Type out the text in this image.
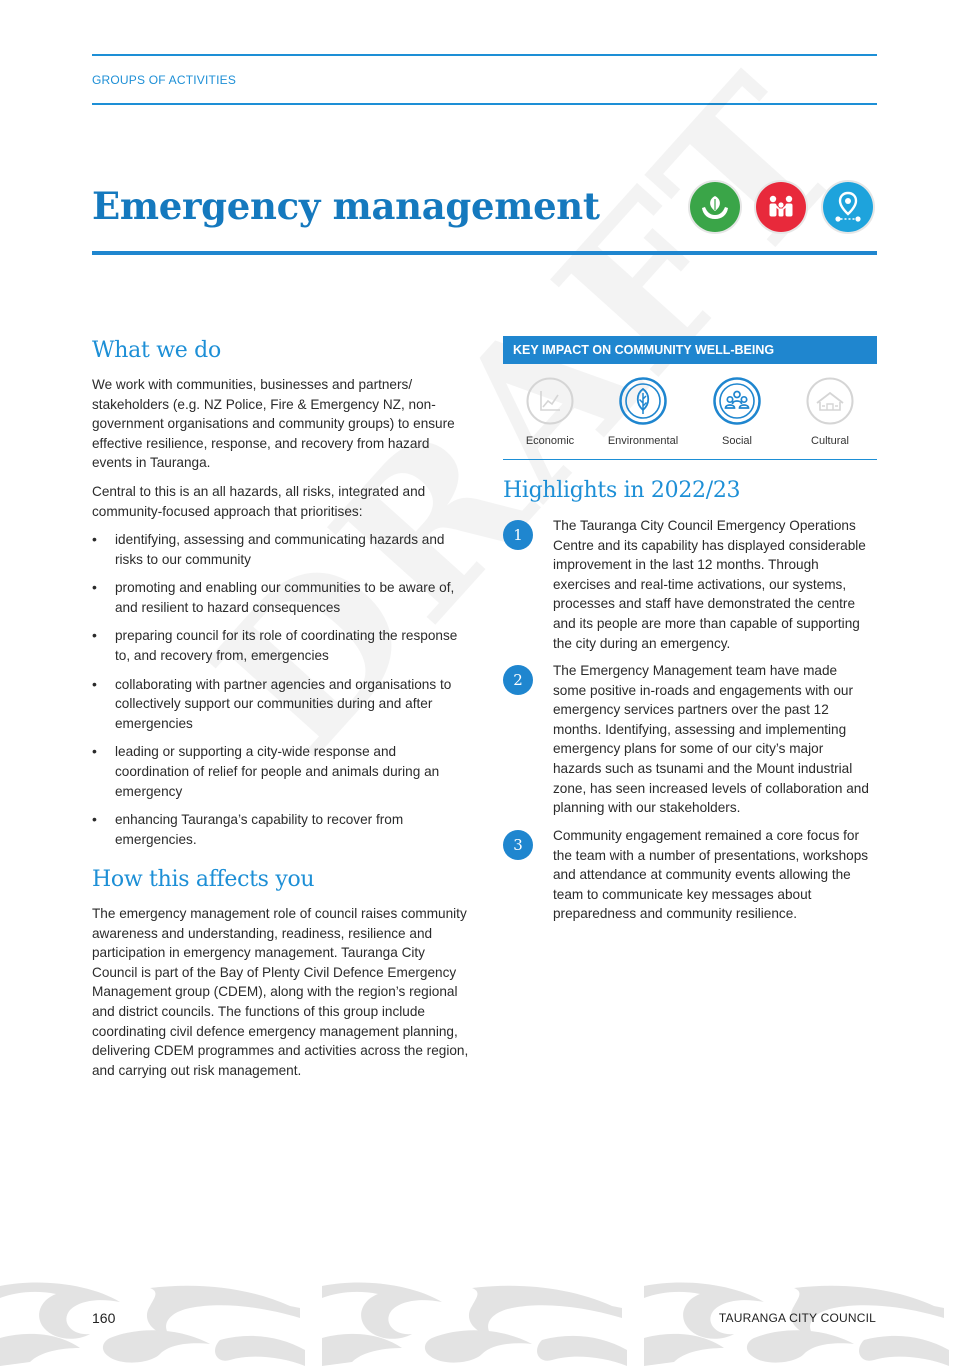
GROUPS OF ACTIVITIES
Emergency management
What we do

We work with communities, businesses and partners/ stakeholders (e.g. NZ Police, Fire & Emergency NZ, non-government organisations and community groups) to ensure effective resilience, response, and recovery from hazard events in Tauranga.

Central to this is an all hazards, all risks, integrated and community-focused approach that prioritises:

• identifying, assessing and communicating hazards and risks to our community
• promoting and enabling our communities to be aware of, and resilient to hazard consequences
• preparing council for its role of coordinating the response to, and recovery from, emergencies
• collaborating with partner agencies and organisations to collectively support our communities during and after emergencies
• leading or supporting a city-wide response and coordination of relief for people and animals during an emergency
• enhancing Tauranga’s capability to recover from emergencies.
How this affects you

The emergency management role of council raises community awareness and understanding, readiness, resilience and participation in emergency management. Tauranga City Council is part of the Bay of Plenty Civil Defence Emergency Management group (CDEM), along with the region’s regional and district councils. The functions of this group include coordinating civil defence emergency management planning, delivering CDEM programmes and activities across the region, and carrying out risk management.

KEY IMPACT ON COMMUNITY WELL-BEING
Economic	Environmental	Social	Cultural
Highlights in 2022/23
1

The Tauranga City Council Emergency Operations Centre and its capability has displayed considerable improvement in the last 12 months. Through exercises and real-time activations, our systems, processes and staff have demonstrated the centre and its people are more than capable of supporting the city during an emergency.

2

The Emergency Management team have made some positive in-roads and engagements with our emergency services partners over the past 12 months. Identifying, assessing and implementing emergency plans for some of our city’s major hazards such as tsunami and the Mount industrial zone, has seen increased levels of collaboration and planning with our stakeholders.

3

Community engagement remained a core focus for the team with a number of presentations, workshops and attendance at community events allowing the team to communicate key messages about preparedness and community resilience.

160	TAURANGA CITY COUNCIL
